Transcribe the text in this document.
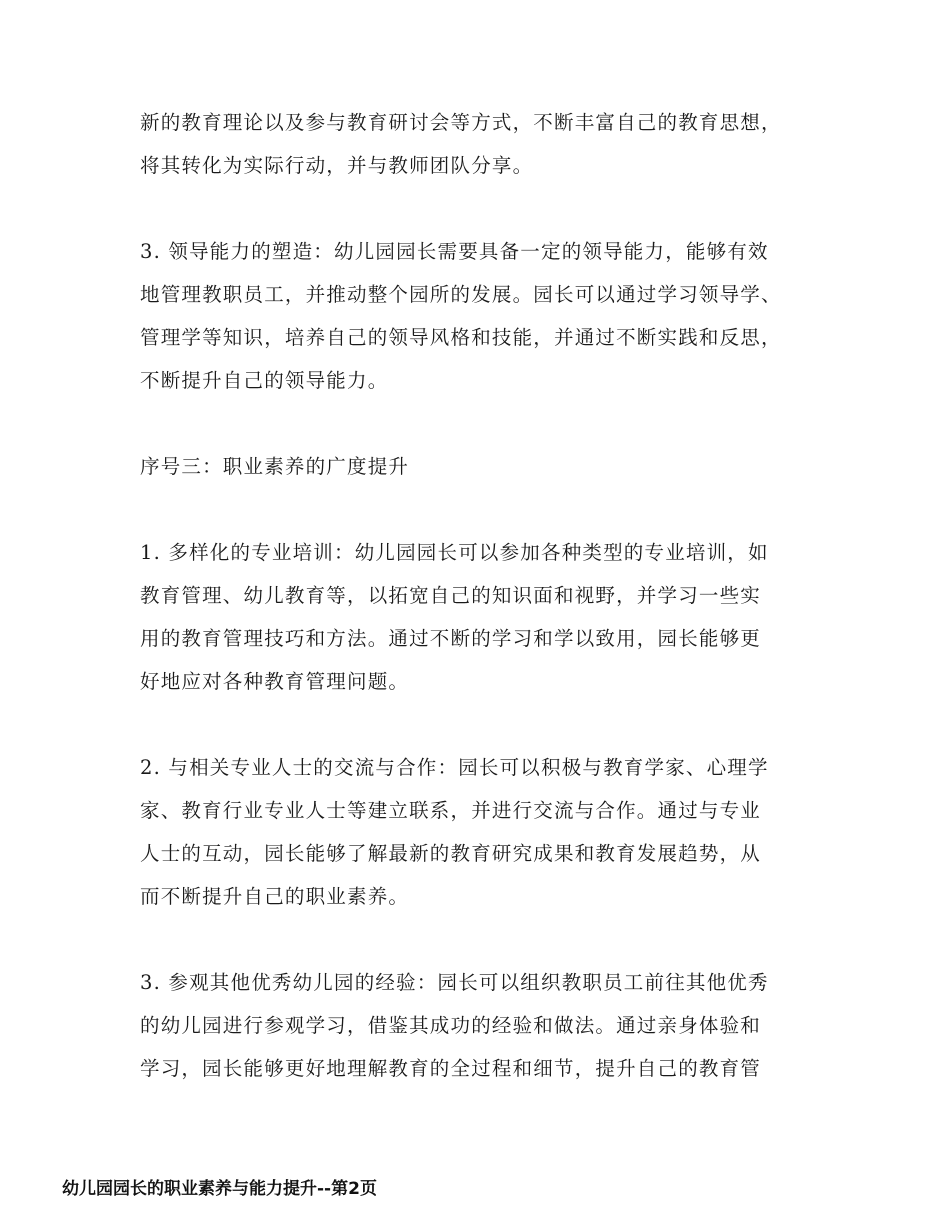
新的教育理论以及参与教育研讨会等方式，不断丰富自己的教育思想，
将其转化为实际行动，并与教师团队分享。
3. 领导能力的塑造：幼儿园园长需要具备一定的领导能力，能够有效
地管理教职员工，并推动整个园所的发展。园长可以通过学习领导学、
管理学等知识，培养自己的领导风格和技能，并通过不断实践和反思，
不断提升自己的领导能力。
序号三：职业素养的广度提升
1. 多样化的专业培训：幼儿园园长可以参加各种类型的专业培训，如
教育管理、幼儿教育等，以拓宽自己的知识面和视野，并学习一些实
用的教育管理技巧和方法。通过不断的学习和学以致用，园长能够更
好地应对各种教育管理问题。
2. 与相关专业人士的交流与合作：园长可以积极与教育学家、心理学
家、教育行业专业人士等建立联系，并进行交流与合作。通过与专业
人士的互动，园长能够了解最新的教育研究成果和教育发展趋势，从
而不断提升自己的职业素养。
3. 参观其他优秀幼儿园的经验：园长可以组织教职员工前往其他优秀
的幼儿园进行参观学习，借鉴其成功的经验和做法。通过亲身体验和
学习，园长能够更好地理解教育的全过程和细节，提升自己的教育管
幼儿园园长的职业素养与能力提升--第2页
